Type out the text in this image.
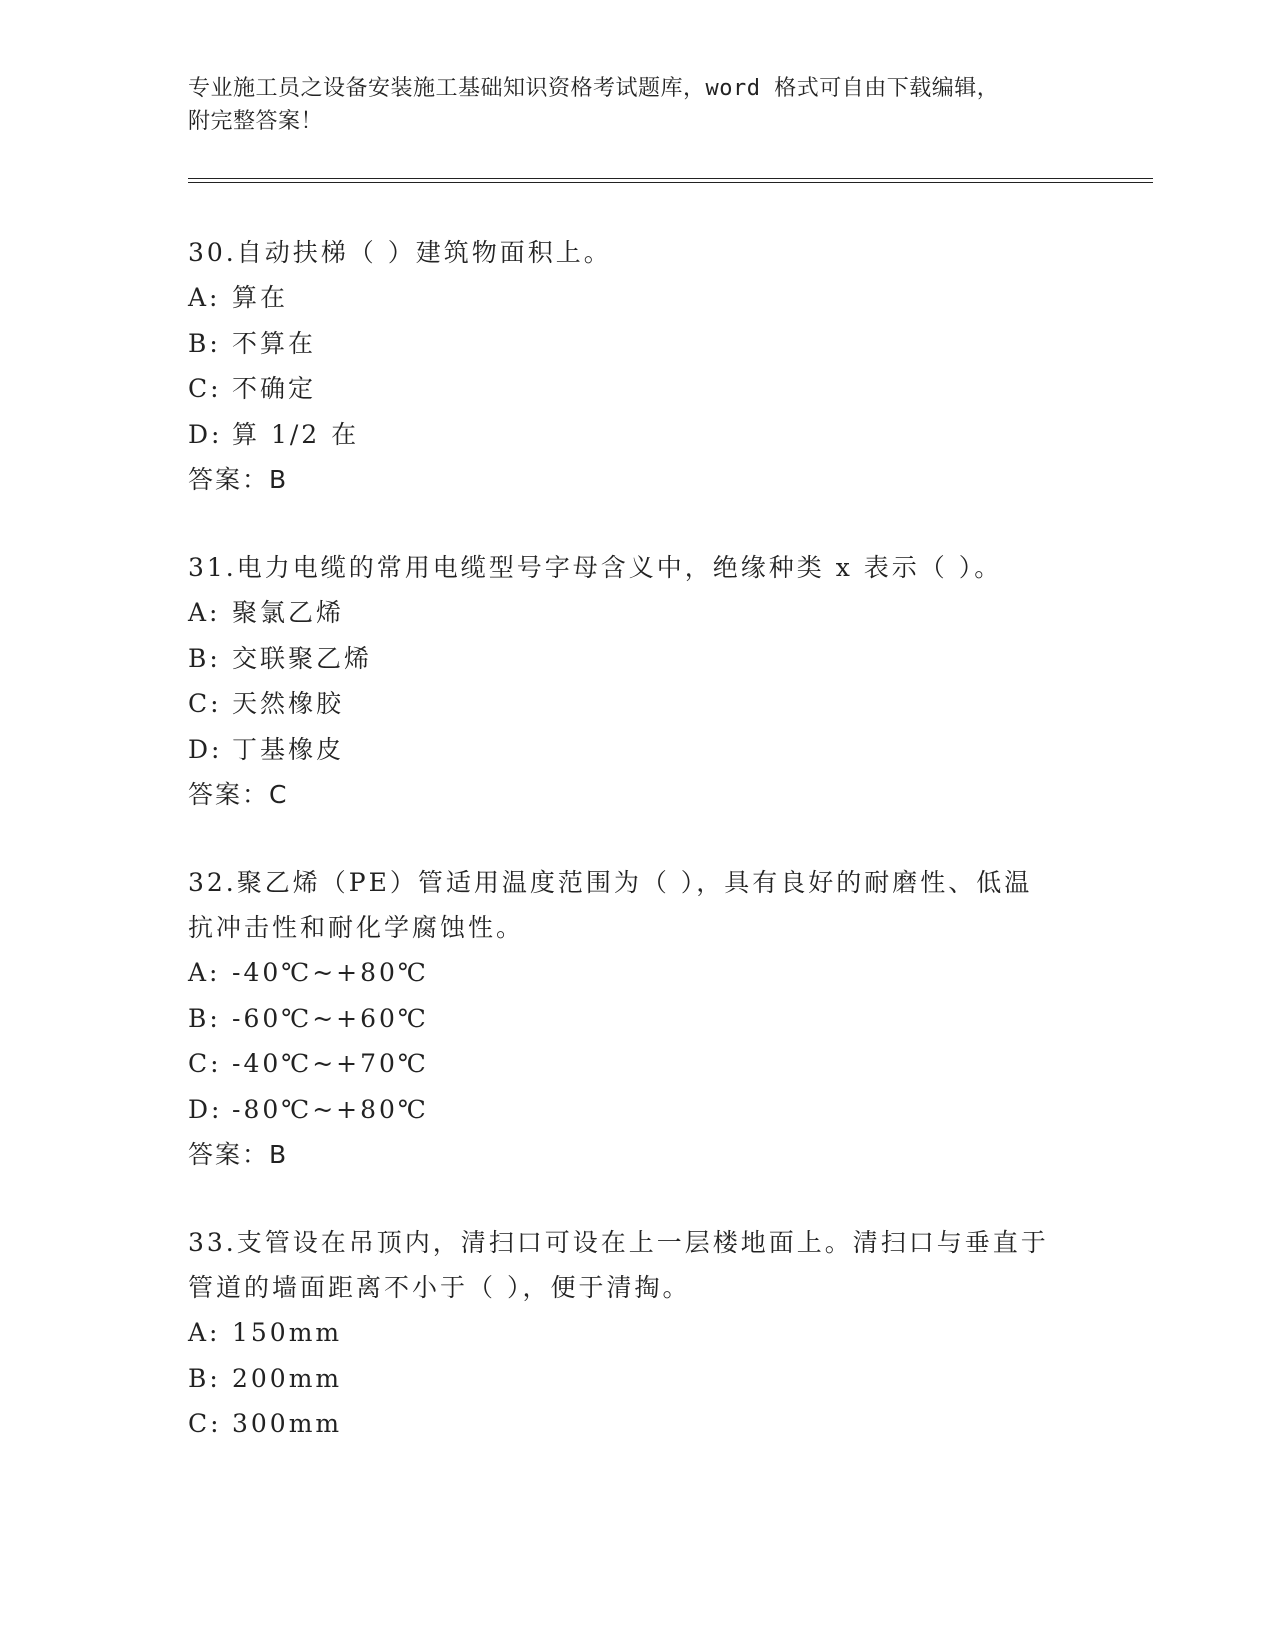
专业施工员之设备安装施工基础知识资格考试题库，word 格式可自由下载编辑，
附完整答案！

30.自动扶梯（ ）建筑物面积上。

A: 算在

B: 不算在

C: 不确定

D: 算 1/2 在

答案：B

31.电力电缆的常用电缆型号字母含义中，绝缘种类 x 表示（ ）。

A: 聚氯乙烯

B: 交联聚乙烯

C: 天然橡胶

D: 丁基橡皮

答案：C

32.聚乙烯（PE）管适用温度范围为（ ），具有良好的耐磨性、低温

抗冲击性和耐化学腐蚀性。

A: -40℃~+80℃

B: -60℃~+60℃

C: -40℃~+70℃

D: -80℃~+80℃

答案：B

33.支管设在吊顶内，清扫口可设在上一层楼地面上。清扫口与垂直于

管道的墙面距离不小于（ ），便于清掏。

A: 150mm

B: 200mm

C: 300mm
